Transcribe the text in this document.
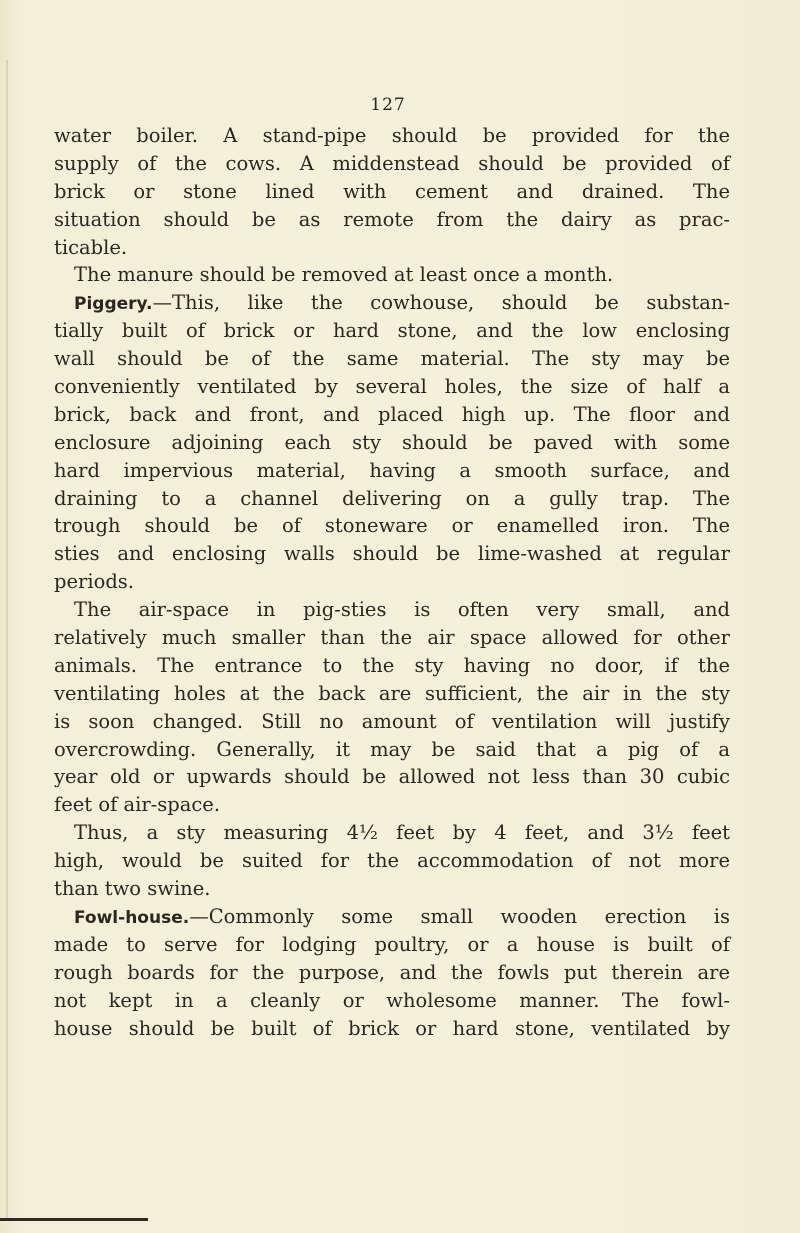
127
water boiler. A stand-pipe should be provided for the
supply of the cows. A middenstead should be provided of
brick or stone lined with cement and drained. The
situation should be as remote from the dairy as prac-
ticable.
The manure should be removed at least once a month.
Piggery.—This, like the cowhouse, should be substan-
tially built of brick or hard stone, and the low enclosing
wall should be of the same material. The sty may be
conveniently ventilated by several holes, the size of half a
brick, back and front, and placed high up. The floor and
enclosure adjoining each sty should be paved with some
hard impervious material, having a smooth surface, and
draining to a channel delivering on a gully trap. The
trough should be of stoneware or enamelled iron. The
sties and enclosing walls should be lime-washed at regular
periods.
The air-space in pig-sties is often very small, and
relatively much smaller than the air space allowed for other
animals. The entrance to the sty having no door, if the
ventilating holes at the back are sufficient, the air in the sty
is soon changed. Still no amount of ventilation will justify
overcrowding. Generally, it may be said that a pig of a
year old or upwards should be allowed not less than 30 cubic
feet of air-space.
Thus, a sty measuring 4½ feet by 4 feet, and 3½ feet
high, would be suited for the accommodation of not more
than two swine.
Fowl-house.—Commonly some small wooden erection is
made to serve for lodging poultry, or a house is built of
rough boards for the purpose, and the fowls put therein are
not kept in a cleanly or wholesome manner. The fowl-
house should be built of brick or hard stone, ventilated by
